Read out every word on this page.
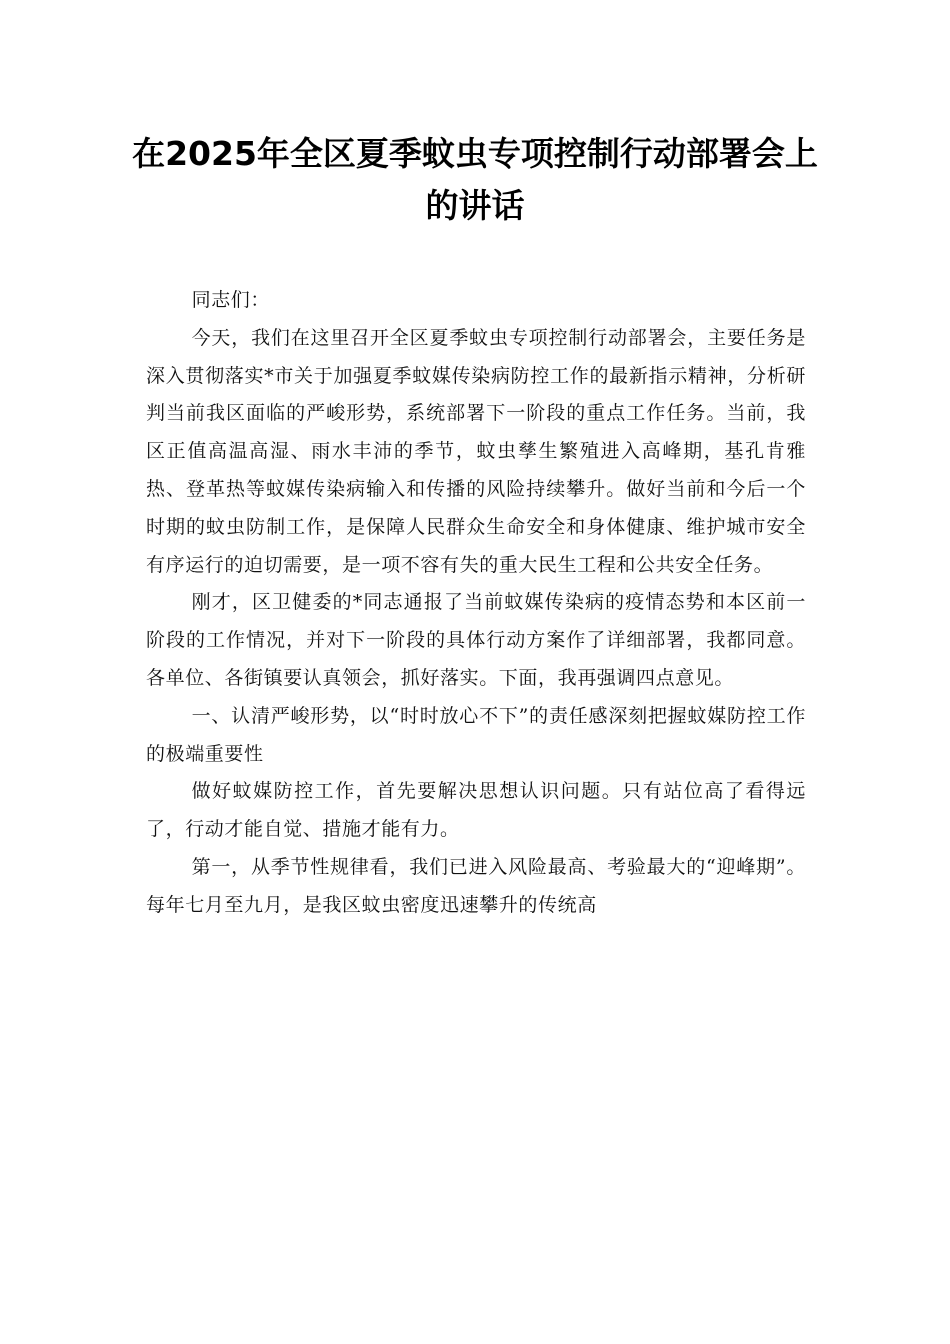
在2025年全区夏季蚊虫专项控制行动部署会上的讲话

同志们：

今天，我们在这里召开全区夏季蚊虫专项控制行动部署会，主要任务是深入贯彻落实*市关于加强夏季蚊媒传染病防控工作的最新指示精神，分析研判当前我区面临的严峻形势，系统部署下一阶段的重点工作任务。当前，我区正值高温高湿、雨水丰沛的季节，蚊虫孳生繁殖进入高峰期，基孔肯雅热、登革热等蚊媒传染病输入和传播的风险持续攀升。做好当前和今后一个时期的蚊虫防制工作，是保障人民群众生命安全和身体健康、维护城市安全有序运行的迫切需要，是一项不容有失的重大民生工程和公共安全任务。

刚才，区卫健委的*同志通报了当前蚊媒传染病的疫情态势和本区前一阶段的工作情况，并对下一阶段的具体行动方案作了详细部署，我都同意。各单位、各街镇要认真领会，抓好落实。下面，我再强调四点意见。

一、认清严峻形势，以“时时放心不下”的责任感深刻把握蚊媒防控工作的极端重要性

做好蚊媒防控工作，首先要解决思想认识问题。只有站位高了看得远了，行动才能自觉、措施才能有力。

第一，从季节性规律看，我们已进入风险最高、考验最大的“迎峰期”。每年七月至九月，是我区蚊虫密度迅速攀升的传统高
